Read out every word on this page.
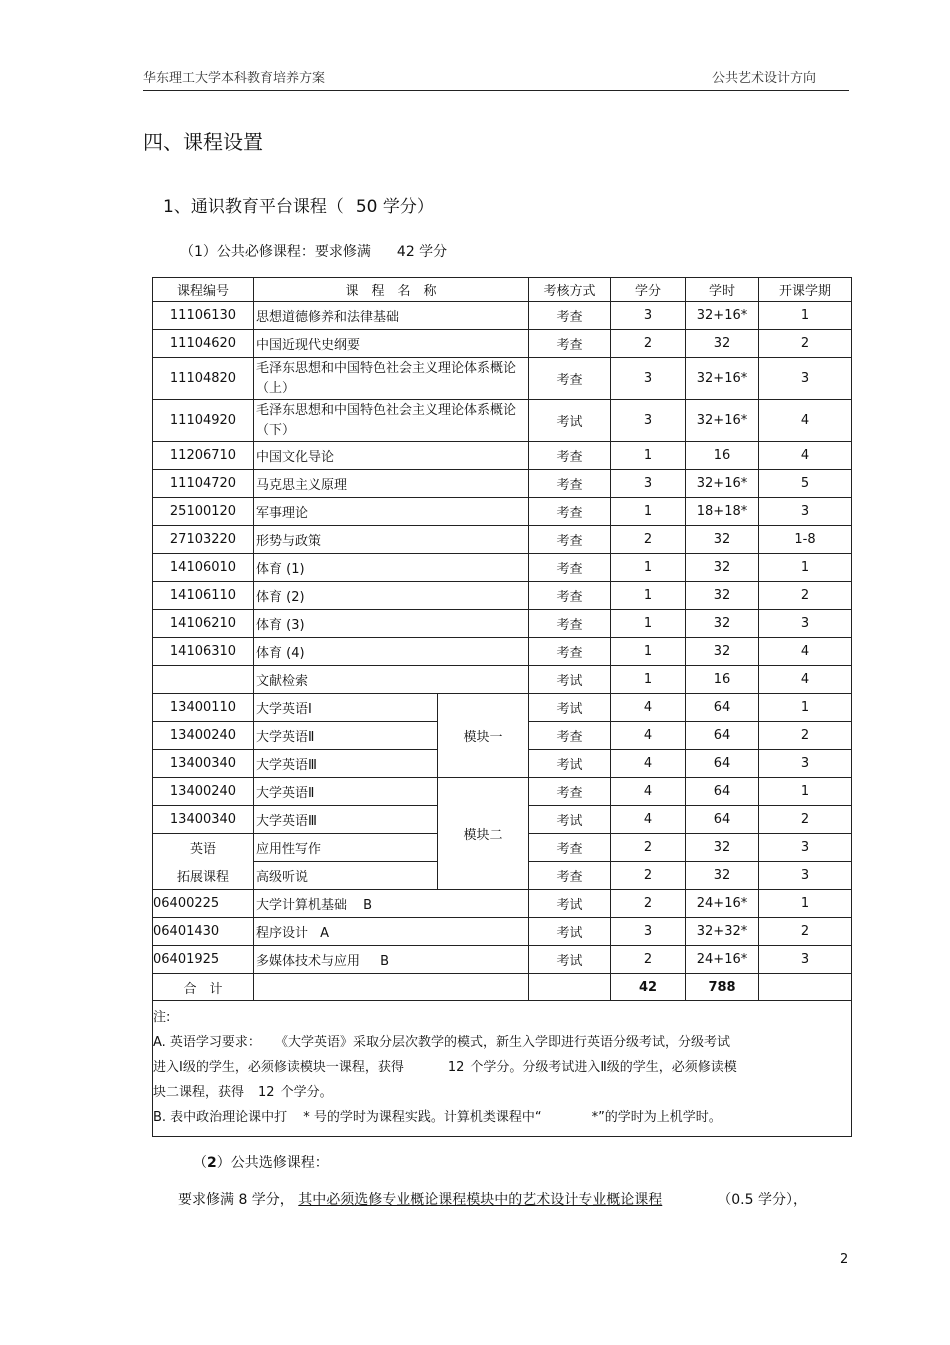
华东理工大学本科教育培养方案	公共艺术设计方向
四、课程设置
1、通识教育平台课程（ 50 学分）
（1）公共必修课程：要求修满 42 学分
课程编号	课　程　名　称		考核方式	学分	学时	开课学期
11106130	思想道德修养和法律基础		考查	3	32+16*	1
11104620	中国近现代史纲要		考查	2	32	2
11104820	毛泽东思想和中国特色社会主义理论体系概论（上）		考查	3	32+16*	3
11104920	毛泽东思想和中国特色社会主义理论体系概论（下）		考试	3	32+16*	4
11206710	中国文化导论		考查	1	16	4
11104720	马克思主义原理		考查	3	32+16*	5
25100120	军事理论		考查	1	18+18*	3
27103220	形势与政策		考查	2	32	1-8
14106010	体育 (1)		考查	1	32	1
14106110	体育 (2)		考查	1	32	2
14106210	体育 (3)		考查	1	32	3
14106310	体育 (4)		考查	1	32	4
	文献检索		考试	1	16	4
13400110	大学英语Ⅰ	模块一	考试	4	64	1
13400240	大学英语Ⅱ		考查	4	64	2
13400340	大学英语Ⅲ		考试	4	64	3
13400240	大学英语Ⅱ	模块二	考查	4	64	1
13400340	大学英语Ⅲ		考试	4	64	2
英语	应用性写作		考查	2	32	3
拓展课程	高级听说		考查	2	32	3
06400225	大学计算机基础 B		考试	2	24+16*	1
06401430	程序设计 A		考试	3	32+32*	2
06401925	多媒体技术与应用 B		考试	2	24+16*	3
合　计				42	788	

注:
A. 英语学习要求： 《大学英语》采取分层次教学的模式，新生入学即进行英语分级考试，分级考试
进入Ⅰ级的学生，必须修读模块一课程，获得 12 个学分。分级考试进入Ⅱ级的学生，必须修读模
块二课程，获得 12 个学分。
B. 表中政治理论课中打 * 号的学时为课程实践。计算机类课程中“ *”的学时为上机学时。						
（2）公共选修课程：
要求修满 8 学分， 其中必须选修专业概论课程模块中的艺术设计专业概论课程	（0.5 学分），
2
